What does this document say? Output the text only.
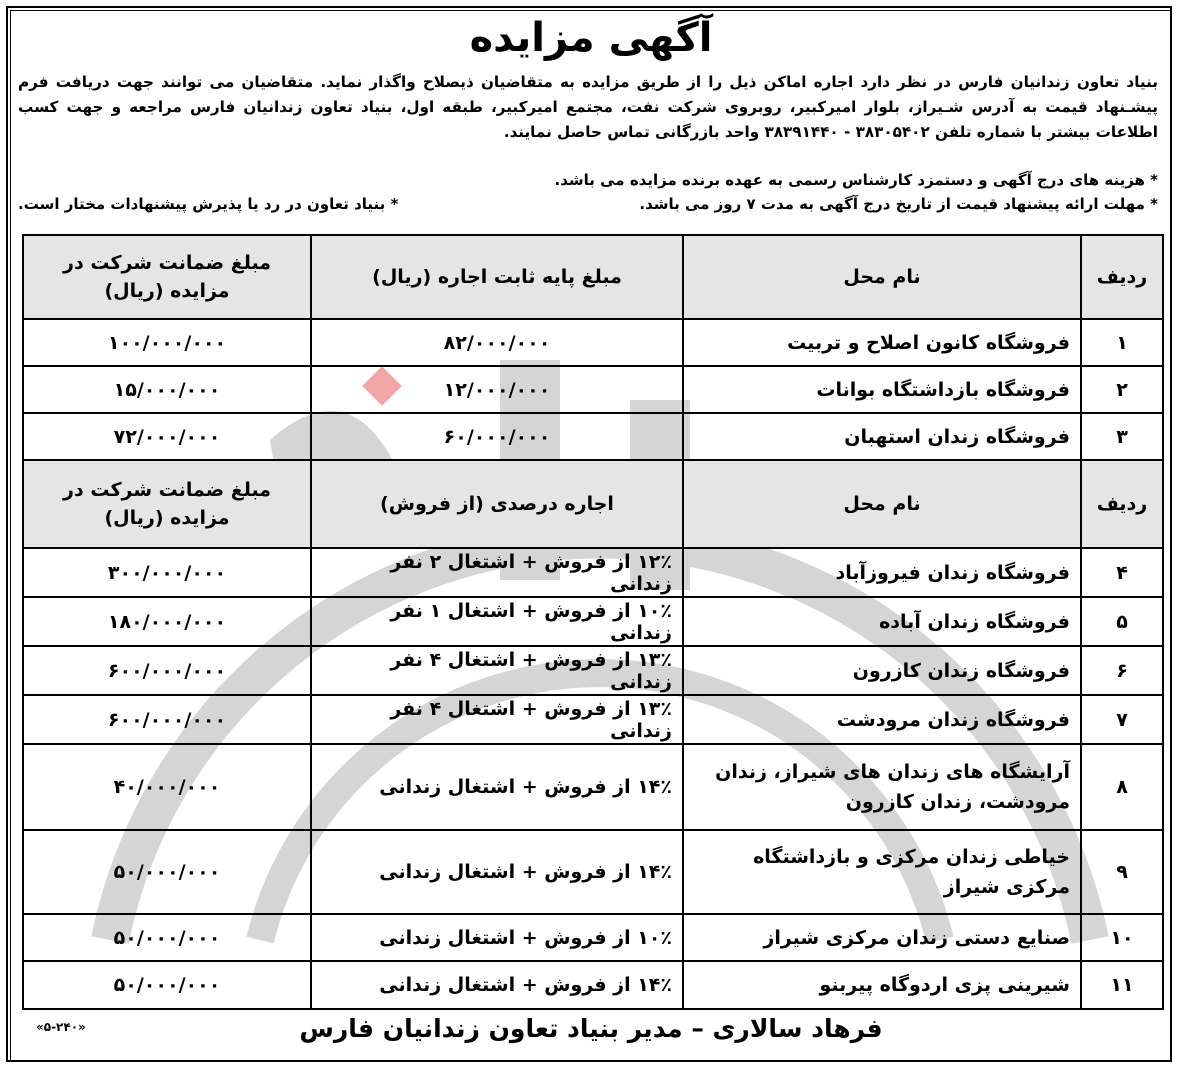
آگهی مزایده
بنیاد تعاون زندانیان فارس در نظر دارد اجاره اماکن ذیل را از طریق مزایده به متقاضیان ذیصلاح واگذار نماید. متقاضیان می توانند جهت دریافت فرم پیشـنهاد قیمت به آدرس شـیراز، بلوار امیرکبیر، روبروی شرکت نفت، مجتمع امیرکبیر، طبقه اول، بنیاد تعاون زندانیان فارس مراجعه و جهت کسب اطلاعات بیشتر با شماره تلفن ۳۸۳۰۵۴۰۲ - ۳۸۳۹۱۴۴۰ واحد بازرگانی تماس حاصل نمایند.
* هزینه های درج آگهی و دستمزد کارشناس رسمی به عهده برنده مزایده می باشد.
* مهلت ارائه پیشنهاد قیمت از تاریخ درج آگهی به مدت ۷ روز می باشد.
* بنیاد تعاون در رد یا پذیرش پیشنهادات مختار است.
ردیف	نام محل	مبلغ پایه ثابت اجاره (ریال)	مبلغ ضمانت شرکت در مزایده (ریال)
۱	فروشگاه کانون اصلاح و تربیت	۸۲/۰۰۰/۰۰۰	۱۰۰/۰۰۰/۰۰۰
۲	فروشگاه بازداشتگاه بوانات	۱۲/۰۰۰/۰۰۰	۱۵/۰۰۰/۰۰۰
۳	فروشگاه زندان استهبان	۶۰/۰۰۰/۰۰۰	۷۲/۰۰۰/۰۰۰
ردیف	نام محل	اجاره درصدی (از فروش)	مبلغ ضمانت شرکت در مزایده (ریال)
۴	فروشگاه زندان فیروزآباد	۱۲٪ از فروش + اشتغال ۲ نفر زندانی	۳۰۰/۰۰۰/۰۰۰
۵	فروشگاه زندان آباده	۱۰٪ از فروش + اشتغال ۱ نفر زندانی	۱۸۰/۰۰۰/۰۰۰
۶	فروشگاه زندان کازرون	۱۳٪ از فروش + اشتغال ۴ نفر زندانی	۶۰۰/۰۰۰/۰۰۰
۷	فروشگاه زندان مرودشت	۱۳٪ از فروش + اشتغال ۴ نفر زندانی	۶۰۰/۰۰۰/۰۰۰
۸	آرایشگاه های زندان های شیراز، زندان مرودشت، زندان کازرون	۱۴٪ از فروش + اشتغال زندانی	۴۰/۰۰۰/۰۰۰
۹	خیاطی زندان مرکزی و بازداشتگاه مرکزی شیراز	۱۴٪ از فروش + اشتغال زندانی	۵۰/۰۰۰/۰۰۰
۱۰	صنایع دستی زندان مرکزی شیراز	۱۰٪ از فروش + اشتغال زندانی	۵۰/۰۰۰/۰۰۰
۱۱	شیرینی پزی اردوگاه پیربنو	۱۴٪ از فروش + اشتغال زندانی	۵۰/۰۰۰/۰۰۰
فرهاد سالاری – مدیر بنیاد تعاون زندانیان فارس
«۵-۲۴۰»
